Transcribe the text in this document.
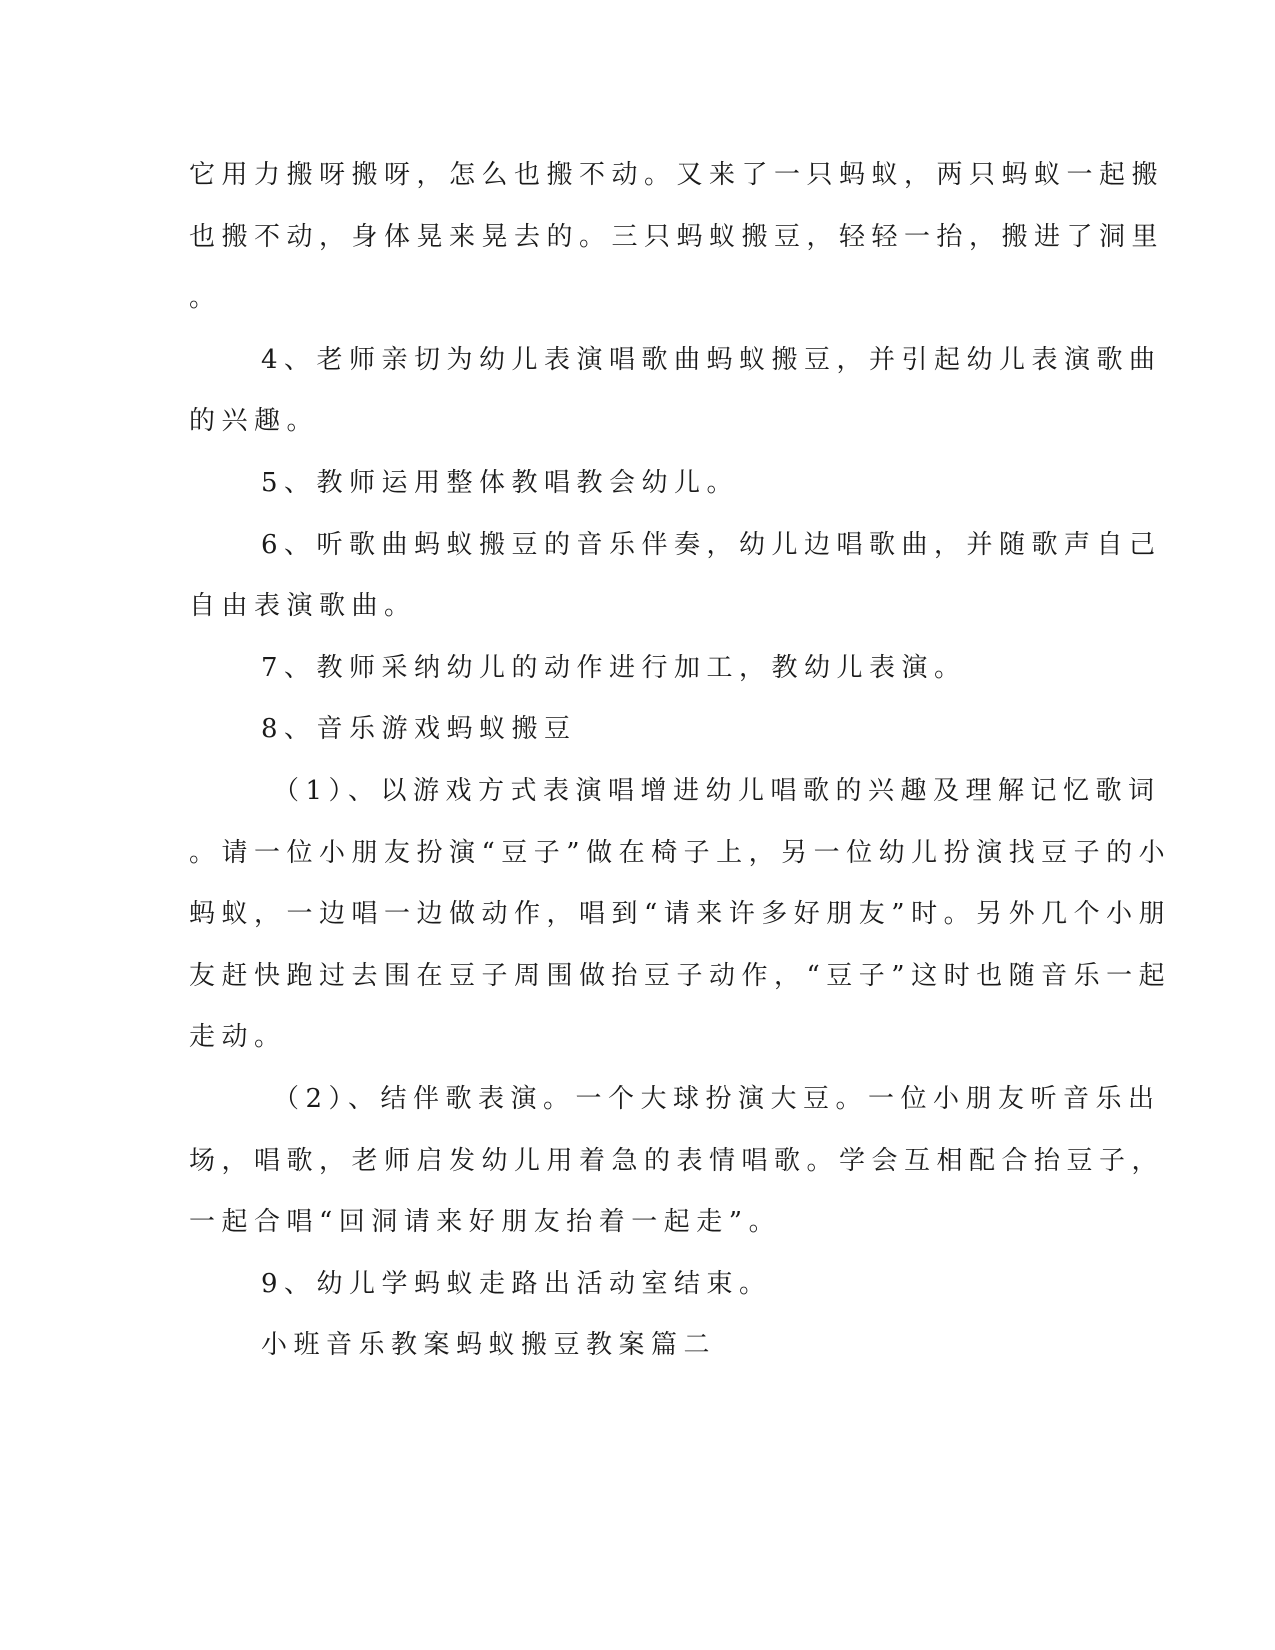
它用力搬呀搬呀，怎么也搬不动。又来了一只蚂蚁，两只蚂蚁一起搬
也搬不动，身体晃来晃去的。三只蚂蚁搬豆，轻轻一抬，搬进了洞里
。
4、老师亲切为幼儿表演唱歌曲蚂蚁搬豆，并引起幼儿表演歌曲
的兴趣。
5、教师运用整体教唱教会幼儿。
6、听歌曲蚂蚁搬豆的音乐伴奏，幼儿边唱歌曲，并随歌声自己
自由表演歌曲。
7、教师采纳幼儿的动作进行加工，教幼儿表演。
8、音乐游戏蚂蚁搬豆
（1）、以游戏方式表演唱增进幼儿唱歌的兴趣及理解记忆歌词
。请一位小朋友扮演“豆子”做在椅子上，另一位幼儿扮演找豆子的小
蚂蚁，一边唱一边做动作，唱到“请来许多好朋友”时。另外几个小朋
友赶快跑过去围在豆子周围做抬豆子动作，“豆子”这时也随音乐一起
走动。
（2）、结伴歌表演。一个大球扮演大豆。一位小朋友听音乐出
场，唱歌，老师启发幼儿用着急的表情唱歌。学会互相配合抬豆子，
一起合唱“回洞请来好朋友抬着一起走”。
9、幼儿学蚂蚁走路出活动室结束。
小班音乐教案蚂蚁搬豆教案篇二
